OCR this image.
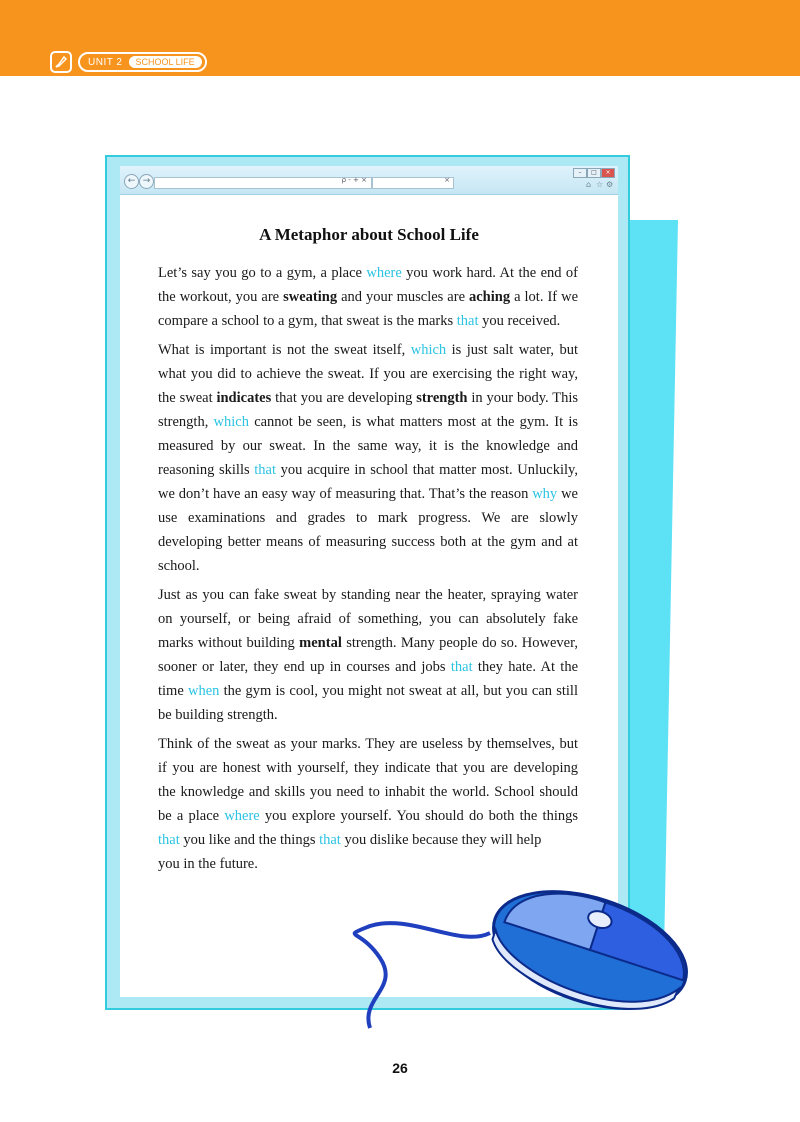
UNIT 2	SCHOOL LIFE
← →	ρ - + ×	×
–	□	×
⌂ ☆ ⚙
A Metaphor about School Life

Let’s say you go to a gym, a place where you work hard. At the end of the workout, you are sweating and your muscles are aching a lot. If we compare a school to a gym, that sweat is the marks that you received.

What is important is not the sweat itself, which is just salt water, but what you did to achieve the sweat. If you are exercising the right way, the sweat indicates that you are developing strength in your body. This strength, which cannot be seen, is what matters most at the gym. It is measured by our sweat. In the same way, it is the knowledge and reasoning skills that you acquire in school that matter most. Unluckily, we don’t have an easy way of measuring that. That’s the reason why we use examinations and grades to mark progress. We are slowly developing better means of measuring success both at the gym and at school.

Just as you can fake sweat by standing near the heater, spraying water on yourself, or being afraid of something, you can absolutely fake marks without building mental strength. Many people do so. However, sooner or later, they end up in courses and jobs that they hate. At the time when the gym is cool, you might not sweat at all, but you can still be building strength.

Think of the sweat as your marks. They are useless by themselves, but if you are honest with yourself, they indicate that you are developing the knowledge and skills you need to inhabit the world. School should be a place where you explore yourself. You should do both the things that you like and the things that you dislike because they will help
you in the future.

26
